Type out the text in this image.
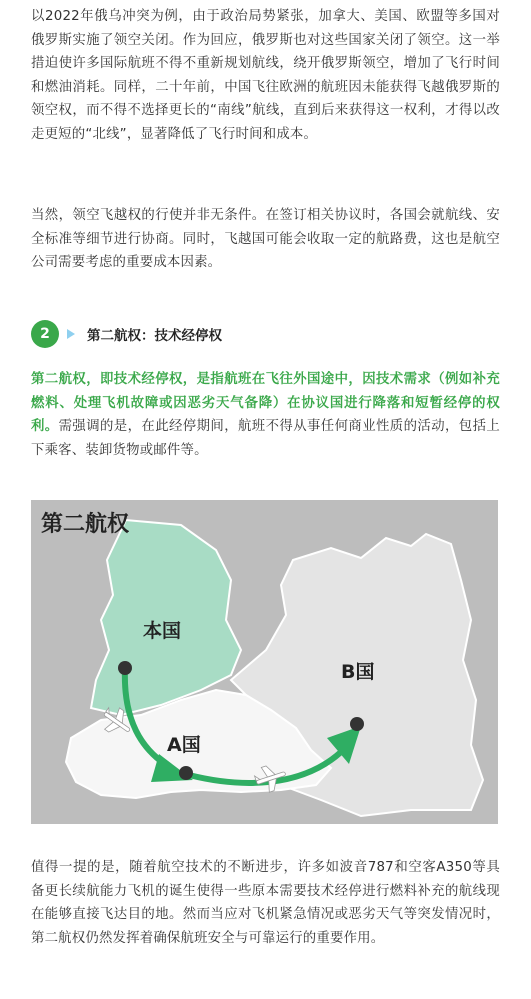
以2022年俄乌冲突为例，由于政治局势紧张，加拿大、美国、欧盟等多国对俄罗斯实施了领空关闭。作为回应，俄罗斯也对这些国家关闭了领空。这一举措迫使许多国际航班不得不重新规划航线，绕开俄罗斯领空，增加了飞行时间和燃油消耗。同样，二十年前，中国飞往欧洲的航班因未能获得飞越俄罗斯的领空权，而不得不选择更长的“南线”航线，直到后来获得这一权利，才得以改走更短的“北线”，显著降低了飞行时间和成本。

当然，领空飞越权的行使并非无条件。在签订相关协议时，各国会就航线、安全标准等细节进行协商。同时，飞越国可能会收取一定的航路费，这也是航空公司需要考虑的重要成本因素。

2	第二航权：技术经停权

第二航权，即技术经停权，是指航班在飞往外国途中，因技术需求（例如补充燃料、处理飞机故障或因恶劣天气备降）在协议国进行降落和短暂经停的权利。需强调的是，在此经停期间，航班不得从事任何商业性质的活动，包括上下乘客、装卸货物或邮件等。

第二航权
本国
A国
B国

值得一提的是，随着航空技术的不断进步，许多如波音787和空客A350等具备更长续航能力飞机的诞生使得一些原本需要技术经停进行燃料补充的航线现在能够直接飞达目的地。然而当应对飞机紧急情况或恶劣天气等突发情况时，第二航权仍然发挥着确保航班安全与可靠运行的重要作用。
